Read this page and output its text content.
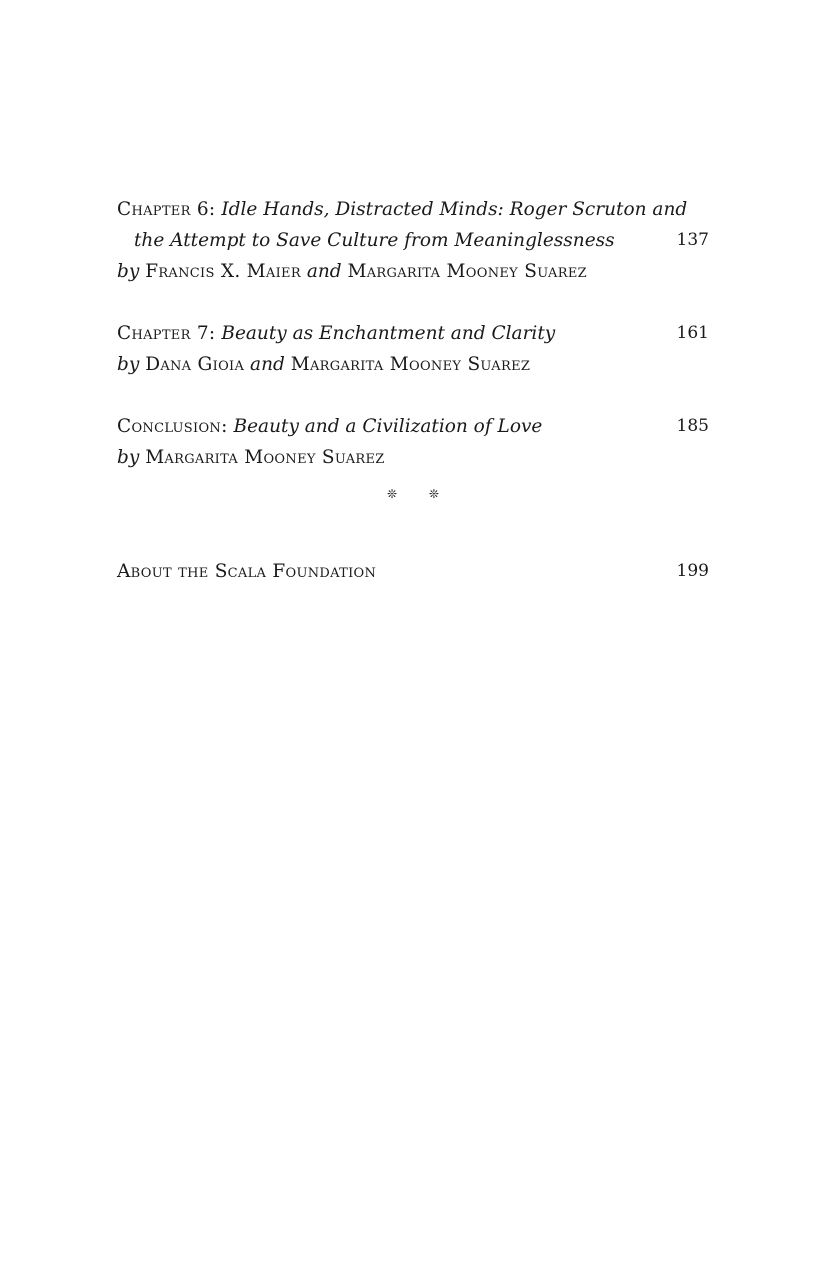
Chapter 6: Idle Hands, Distracted Minds: Roger Scruton and
the Attempt to Save Culture from Meaninglessness	137
by Francis X. Maier and Margarita Mooney Suarez
Chapter 7: Beauty as Enchantment and Clarity	161
by Dana Gioia and Margarita Mooney Suarez
Conclusion: Beauty and a Civilization of Love	185
by Margarita Mooney Suarez
❊ ❊
About the Scala Foundation	199
